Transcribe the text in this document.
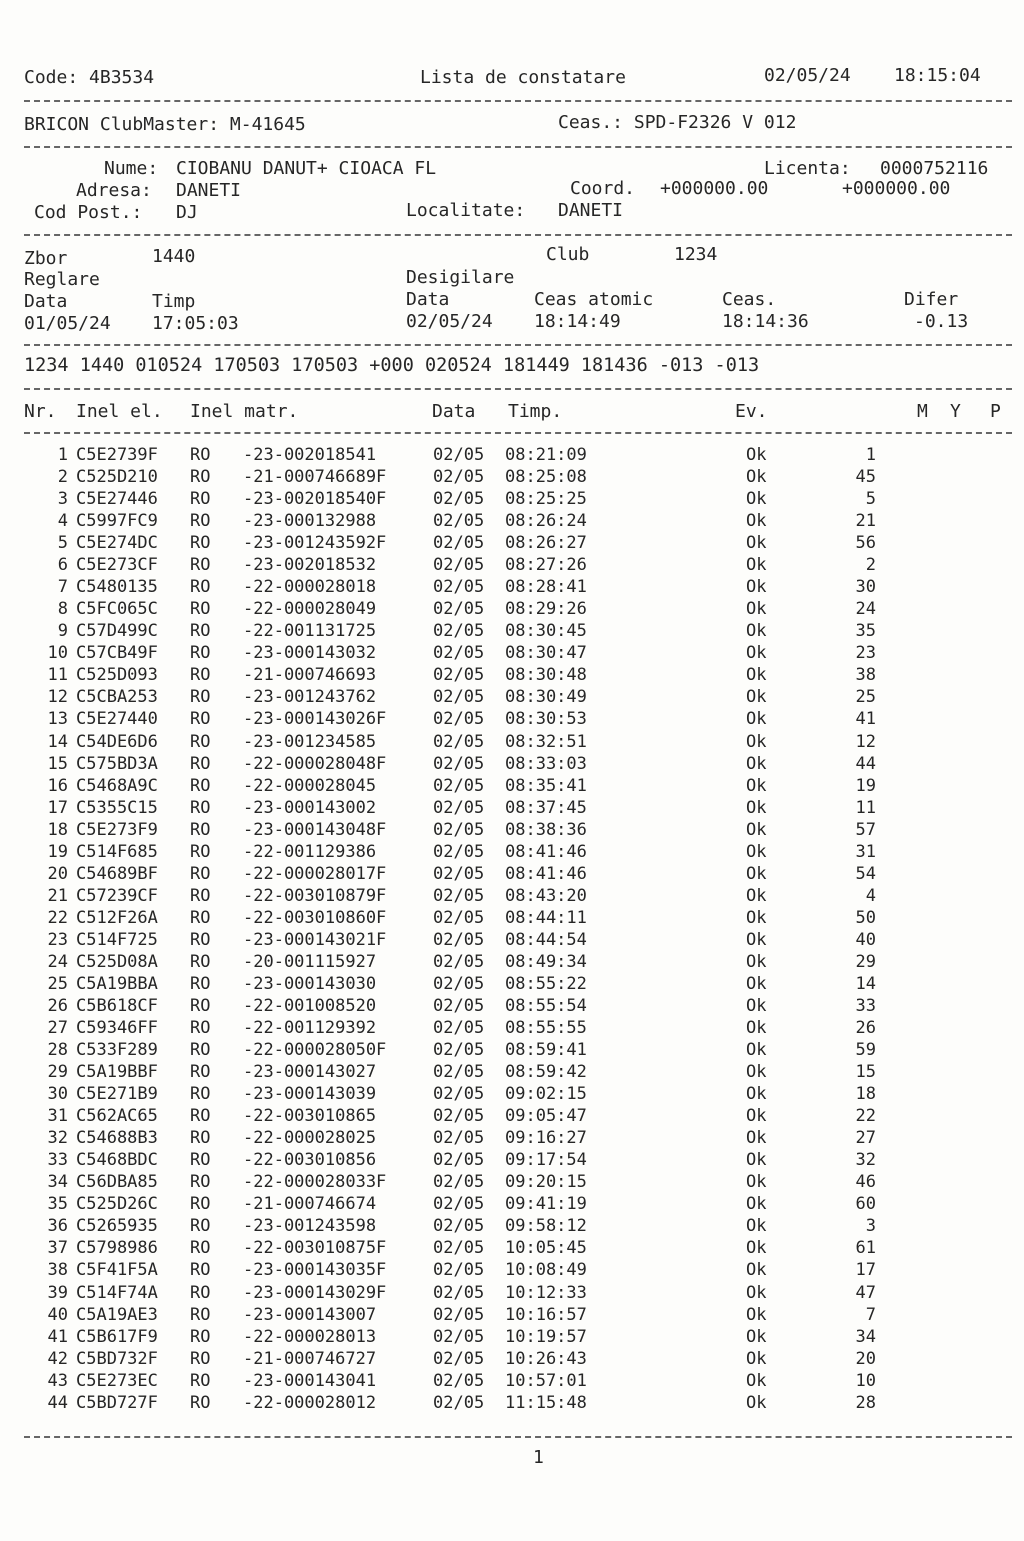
Code: 4B3534	Lista de constatare	02/05/24 18:15:04
BRICON ClubMaster: M-41645	Ceas.: SPD-F2326 V 012
Nume: CIOBANU DANUT+ CIOACA FL	Licenta: 0000752116
Adresa: DANETI	Coord. +000000.00	+000000.00
Cod Post.: DJ	Localitate: DANETI
Zbor	1440	Club	1234
Reglare	Desigilare
Data	Timp	Data	Ceas atomic	Ceas.	Difer
01/05/24 17:05:03	02/05/24 18:14:49	18:14:36	-0.13
1234 1440 010524 170503 170503 +000 020524 181449 181436 -013 -013
Nr. Inel el. Inel matr.	Data Timp.	Ev.	M Y P
1 C5E2739F RO -23-002018541	02/05 08:21:09	Ok	1
2 C525D210 RO -21-000746689F	02/05 08:25:08	Ok	45
3 C5E27446 RO -23-002018540F	02/05 08:25:25	Ok	5
4 C5997FC9 RO -23-000132988	02/05 08:26:24	Ok	21
5 C5E274DC RO -23-001243592F	02/05 08:26:27	Ok	56
6 C5E273CF RO -23-002018532	02/05 08:27:26	Ok	2
7 C5480135 RO -22-000028018	02/05 08:28:41	Ok	30
8 C5FC065C RO -22-000028049	02/05 08:29:26	Ok	24
9 C57D499C RO -22-001131725	02/05 08:30:45	Ok	35
10 C57CB49F RO -23-000143032	02/05 08:30:47	Ok	23
11 C525D093 RO -21-000746693	02/05 08:30:48	Ok	38
12 C5CBA253 RO -23-001243762	02/05 08:30:49	Ok	25
13 C5E27440 RO -23-000143026F	02/05 08:30:53	Ok	41
14 C54DE6D6 RO -23-001234585	02/05 08:32:51	Ok	12
15 C575BD3A RO -22-000028048F	02/05 08:33:03	Ok	44
16 C5468A9C RO -22-000028045	02/05 08:35:41	Ok	19
17 C5355C15 RO -23-000143002	02/05 08:37:45	Ok	11
18 C5E273F9 RO -23-000143048F	02/05 08:38:36	Ok	57
19 C514F685 RO -22-001129386	02/05 08:41:46	Ok	31
20 C54689BF RO -22-000028017F	02/05 08:41:46	Ok	54
21 C57239CF RO -22-003010879F	02/05 08:43:20	Ok	4
22 C512F26A RO -22-003010860F	02/05 08:44:11	Ok	50
23 C514F725 RO -23-000143021F	02/05 08:44:54	Ok	40
24 C525D08A RO -20-001115927	02/05 08:49:34	Ok	29
25 C5A19BBA RO -23-000143030	02/05 08:55:22	Ok	14
26 C5B618CF RO -22-001008520	02/05 08:55:54	Ok	33
27 C59346FF RO -22-001129392	02/05 08:55:55	Ok	26
28 C533F289 RO -22-000028050F	02/05 08:59:41	Ok	59
29 C5A19BBF RO -23-000143027	02/05 08:59:42	Ok	15
30 C5E271B9 RO -23-000143039	02/05 09:02:15	Ok	18
31 C562AC65 RO -22-003010865	02/05 09:05:47	Ok	22
32 C54688B3 RO -22-000028025	02/05 09:16:27	Ok	27
33 C5468BDC RO -22-003010856	02/05 09:17:54	Ok	32
34 C56DBA85 RO -22-000028033F	02/05 09:20:15	Ok	46
35 C525D26C RO -21-000746674	02/05 09:41:19	Ok	60
36 C5265935 RO -23-001243598	02/05 09:58:12	Ok	3
37 C5798986 RO -22-003010875F	02/05 10:05:45	Ok	61
38 C5F41F5A RO -23-000143035F	02/05 10:08:49	Ok	17
39 C514F74A RO -23-000143029F	02/05 10:12:33	Ok	47
40 C5A19AE3 RO -23-000143007	02/05 10:16:57	Ok	7
41 C5B617F9 RO -22-000028013	02/05 10:19:57	Ok	34
42 C5BD732F RO -21-000746727	02/05 10:26:43	Ok	20
43 C5E273EC RO -23-000143041	02/05 10:57:01	Ok	10
44 C5BD727F RO -22-000028012	02/05 11:15:48	Ok	28
1
